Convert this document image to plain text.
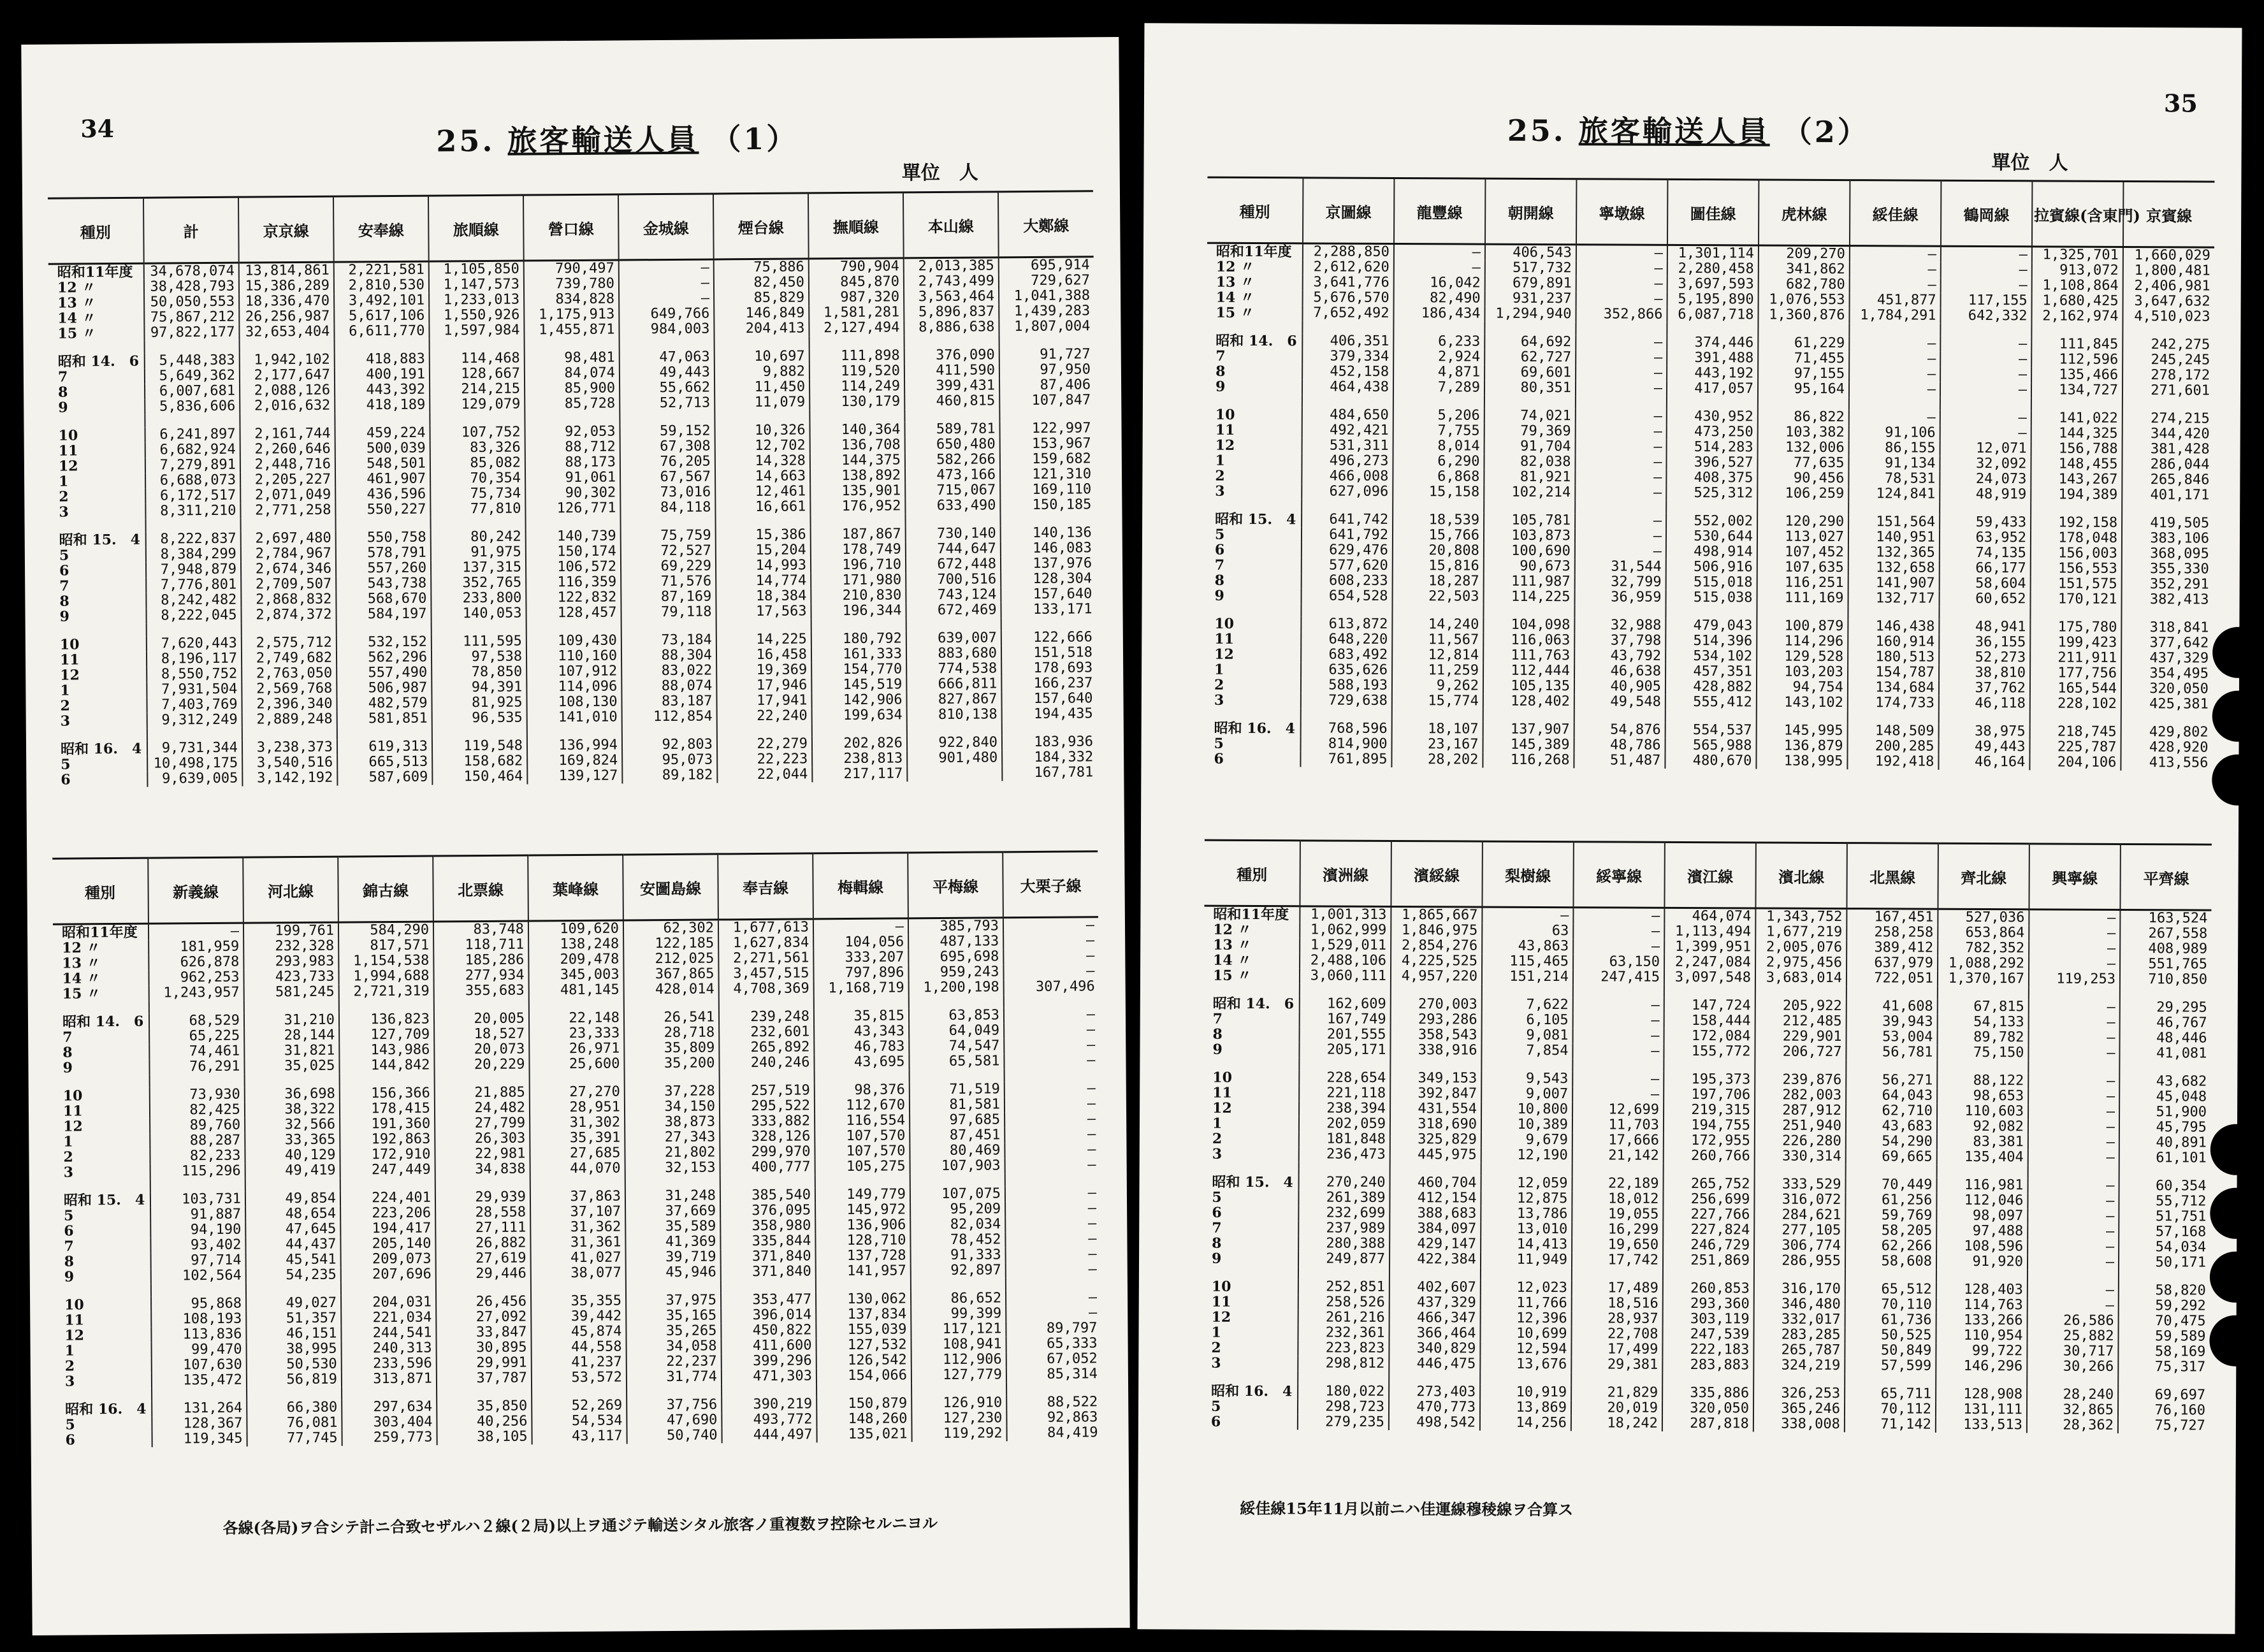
34	25. 旅客輸送人員 （1）
單位　人
種別	計	京京線	安奉線	旅順線	營口線	金城線	煙台線	撫順線	本山線	大鄭線
昭和11年度	34,678,074	13,814,861	2,221,581	1,105,850	790,497	—	75,886	790,904	2,013,385	695,914
12 〃	38,428,793	15,386,289	2,810,530	1,147,573	739,780	—	82,450	845,870	2,743,499	729,627
13 〃	50,050,553	18,336,470	3,492,101	1,233,013	834,828	—	85,829	987,320	3,563,464	1,041,388
14 〃	75,867,212	26,256,987	5,617,106	1,550,926	1,175,913	649,766	146,849	1,581,281	5,896,837	1,439,283
15 〃	97,822,177	32,653,404	6,611,770	1,597,984	1,455,871	984,003	204,413	2,127,494	8,886,638	1,807,004

昭和 14.　6	5,448,383	1,942,102	418,883	114,468	98,481	47,063	10,697	111,898	376,090	91,727
7	5,649,362	2,177,647	400,191	128,667	84,074	49,443	9,882	119,520	411,590	97,950
8	6,007,681	2,088,126	443,392	214,215	85,900	55,662	11,450	114,249	399,431	87,406
9	5,836,606	2,016,632	418,189	129,079	85,728	52,713	11,079	130,179	460,815	107,847

10	6,241,897	2,161,744	459,224	107,752	92,053	59,152	10,326	140,364	589,781	122,997
11	6,682,924	2,260,646	500,039	83,326	88,712	67,308	12,702	136,708	650,480	153,967
12	7,279,891	2,448,716	548,501	85,082	88,173	76,205	14,328	144,375	582,266	159,682
1	6,688,073	2,205,227	461,907	70,354	91,061	67,567	14,663	138,892	473,166	121,310
2	6,172,517	2,071,049	436,596	75,734	90,302	73,016	12,461	135,901	715,067	169,110
3	8,311,210	2,771,258	550,227	77,810	126,771	84,118	16,661	176,952	633,490	150,185

昭和 15.　4	8,222,837	2,697,480	550,758	80,242	140,739	75,759	15,386	187,867	730,140	140,136
5	8,384,299	2,784,967	578,791	91,975	150,174	72,527	15,204	178,749	744,647	146,083
6	7,948,879	2,674,346	557,260	137,315	106,572	69,229	14,993	196,710	672,448	137,976
7	7,776,801	2,709,507	543,738	352,765	116,359	71,576	14,774	171,980	700,516	128,304
8	8,242,482	2,868,832	568,670	233,800	122,832	87,169	18,384	210,830	743,124	157,640
9	8,222,045	2,874,372	584,197	140,053	128,457	79,118	17,563	196,344	672,469	133,171

10	7,620,443	2,575,712	532,152	111,595	109,430	73,184	14,225	180,792	639,007	122,666
11	8,196,117	2,749,682	562,296	97,538	110,160	88,304	16,458	161,333	883,680	151,518
12	8,550,752	2,763,050	557,490	78,850	107,912	83,022	19,369	154,770	774,538	178,693
1	7,931,504	2,569,768	506,987	94,391	114,096	88,074	17,946	145,519	666,811	166,237
2	7,403,769	2,396,340	482,579	81,925	108,130	83,187	17,941	142,906	827,867	157,640
3	9,312,249	2,889,248	581,851	96,535	141,010	112,854	22,240	199,634	810,138	194,435

昭和 16.　4	9,731,344	3,238,373	619,313	119,548	136,994	92,803	22,279	202,826	922,840	183,936
5	10,498,175	3,540,516	665,513	158,682	169,824	95,073	22,223	238,813	901,480	184,332
6	9,639,005	3,142,192	587,609	150,464	139,127	89,182	22,044	217,117		167,781
種別	新義線	河北線	錦古線	北票線	葉峰線	安圖島線	奉吉線	梅輯線	平梅線	大栗子線
昭和11年度	—	199,761	584,290	83,748	109,620	62,302	1,677,613	—	385,793	—
12 〃	181,959	232,328	817,571	118,711	138,248	122,185	1,627,834	104,056	487,133	—
13 〃	626,878	293,983	1,154,538	185,286	209,478	212,025	2,271,561	333,207	695,698	—
14 〃	962,253	423,733	1,994,688	277,934	345,003	367,865	3,457,515	797,896	959,243	—
15 〃	1,243,957	581,245	2,721,319	355,683	481,145	428,014	4,708,369	1,168,719	1,200,198	307,496

昭和 14.　6	68,529	31,210	136,823	20,005	22,148	26,541	239,248	35,815	63,853	—
7	65,225	28,144	127,709	18,527	23,333	28,718	232,601	43,343	64,049	—
8	74,461	31,821	143,986	20,073	26,971	35,809	265,892	46,783	74,547	—
9	76,291	35,025	144,842	20,229	25,600	35,200	240,246	43,695	65,581	—

10	73,930	36,698	156,366	21,885	27,270	37,228	257,519	98,376	71,519	—
11	82,425	38,322	178,415	24,482	28,951	34,150	295,522	112,670	81,581	—
12	89,760	32,566	191,360	27,799	31,302	38,873	333,882	116,554	97,685	—
1	88,287	33,365	192,863	26,303	35,391	27,343	328,126	107,570	87,451	—
2	82,233	40,129	172,910	22,981	27,685	21,802	299,970	107,570	80,469	—
3	115,296	49,419	247,449	34,838	44,070	32,153	400,777	105,275	107,903	—

昭和 15.　4	103,731	49,854	224,401	29,939	37,863	31,248	385,540	149,779	107,075	—
5	91,887	48,654	223,206	28,558	37,107	37,669	376,095	145,972	95,209	—
6	94,190	47,645	194,417	27,111	31,362	35,589	358,980	136,906	82,034	—
7	93,402	44,437	205,140	26,882	31,361	41,369	335,844	128,710	78,452	—
8	97,714	45,541	209,073	27,619	41,027	39,719	371,840	137,728	91,333	—
9	102,564	54,235	207,696	29,446	38,077	45,946	371,840	141,957	92,897	—

10	95,868	49,027	204,031	26,456	35,355	37,975	353,477	130,062	86,652	—
11	108,193	51,357	221,034	27,092	39,442	35,165	396,014	137,834	99,399	—
12	113,836	46,151	244,541	33,847	45,874	35,265	450,822	155,039	117,121	89,797
1	99,470	38,995	240,313	30,895	44,558	34,058	411,600	127,532	108,941	65,333
2	107,630	50,530	233,596	29,991	41,237	22,237	399,296	126,542	112,906	67,052
3	135,472	56,819	313,871	37,787	53,572	31,774	471,303	154,066	127,779	85,314

昭和 16.　4	131,264	66,380	297,634	35,850	52,269	37,756	390,219	150,879	126,910	88,522
5	128,367	76,081	303,404	40,256	54,534	47,690	493,772	148,260	127,230	92,863
6	119,345	77,745	259,773	38,105	43,117	50,740	444,497	135,021	119,292	84,419
各線(各局)ヲ合シテ計ニ合致セザルハ２線(２局)以上ヲ通ジテ輸送シタル旅客ノ重複数ヲ控除セルニヨル
35
25. 旅客輸送人員 （2）
單位　人
種別	京圖線	龍豐線	朝開線	寧墩線	圖佳線	虎林線	綏佳線	鶴岡線	拉賓線(含東門)	京賓線
昭和11年度	2,288,850	—	406,543	—	1,301,114	209,270	—	—	1,325,701	1,660,029
12 〃	2,612,620	—	517,732	—	2,280,458	341,862	—	—	913,072	1,800,481
13 〃	3,641,776	16,042	679,891	—	3,697,593	682,780	—	—	1,108,864	2,406,981
14 〃	5,676,570	82,490	931,237	—	5,195,890	1,076,553	451,877	117,155	1,680,425	3,647,632
15 〃	7,652,492	186,434	1,294,940	352,866	6,087,718	1,360,876	1,784,291	642,332	2,162,974	4,510,023

昭和 14.　6	406,351	6,233	64,692	—	374,446	61,229	—	—	111,845	242,275
7	379,334	2,924	62,727	—	391,488	71,455	—	—	112,596	245,245
8	452,158	4,871	69,601	—	443,192	97,155	—	—	135,466	278,172
9	464,438	7,289	80,351	—	417,057	95,164	—	—	134,727	271,601

10	484,650	5,206	74,021	—	430,952	86,822	—	—	141,022	274,215
11	492,421	7,755	79,369	—	473,250	103,382	91,106	—	144,325	344,420
12	531,311	8,014	91,704	—	514,283	132,006	86,155	12,071	156,788	381,428
1	496,273	6,290	82,038	—	396,527	77,635	91,134	32,092	148,455	286,044
2	466,008	6,868	81,921	—	408,375	90,456	78,531	24,073	143,267	265,846
3	627,096	15,158	102,214	—	525,312	106,259	124,841	48,919	194,389	401,171

昭和 15.　4	641,742	18,539	105,781	—	552,002	120,290	151,564	59,433	192,158	419,505
5	641,792	15,766	103,873	—	530,644	113,027	140,951	63,952	178,048	383,106
6	629,476	20,808	100,690	—	498,914	107,452	132,365	74,135	156,003	368,095
7	577,620	15,816	90,673	31,544	506,916	107,635	132,658	66,177	156,553	355,330
8	608,233	18,287	111,987	32,799	515,018	116,251	141,907	58,604	151,575	352,291
9	654,528	22,503	114,225	36,959	515,038	111,169	132,717	60,652	170,121	382,413

10	613,872	14,240	104,098	32,988	479,043	100,879	146,438	48,941	175,780	318,841
11	648,220	11,567	116,063	37,798	514,396	114,296	160,914	36,155	199,423	377,642
12	683,492	12,814	111,763	43,792	534,102	129,528	180,513	52,273	211,911	437,329
1	635,626	11,259	112,444	46,638	457,351	103,203	154,787	38,810	177,756	354,495
2	588,193	9,262	105,135	40,905	428,882	94,754	134,684	37,762	165,544	320,050
3	729,638	15,774	128,402	49,548	555,412	143,102	174,733	46,118	228,102	425,381

昭和 16.　4	768,596	18,107	137,907	54,876	554,537	145,995	148,509	38,975	218,745	429,802
5	814,900	23,167	145,389	48,786	565,988	136,879	200,285	49,443	225,787	428,920
6	761,895	28,202	116,268	51,487	480,670	138,995	192,418	46,164	204,106	413,556
種別	濱洲線	濱綏線	梨樹線	綏寧線	濱江線	濱北線	北黑線	齊北線	興寧線	平齊線
昭和11年度	1,001,313	1,865,667	—	—	464,074	1,343,752	167,451	527,036	—	163,524
12 〃	1,062,999	1,846,975	63	—	1,113,494	1,677,219	258,258	653,864	—	267,558
13 〃	1,529,011	2,854,276	43,863	—	1,399,951	2,005,076	389,412	782,352	—	408,989
14 〃	2,488,106	4,225,525	115,465	63,150	2,247,084	2,975,456	637,979	1,088,292	—	551,765
15 〃	3,060,111	4,957,220	151,214	247,415	3,097,548	3,683,014	722,051	1,370,167	119,253	710,850

昭和 14.　6	162,609	270,003	7,622	—	147,724	205,922	41,608	67,815	—	29,295
7	167,749	293,286	6,105	—	158,444	212,485	39,943	54,133	—	46,767
8	201,555	358,543	9,081	—	172,084	229,901	53,004	89,782	—	48,446
9	205,171	338,916	7,854	—	155,772	206,727	56,781	75,150	—	41,081

10	228,654	349,153	9,543	—	195,373	239,876	56,271	88,122	—	43,682
11	221,118	392,847	9,007	—	197,706	282,003	64,043	98,653	—	45,048
12	238,394	431,554	10,800	12,699	219,315	287,912	62,710	110,603	—	51,900
1	202,059	318,690	10,389	11,703	194,755	251,940	43,683	92,082	—	45,795
2	181,848	325,829	9,679	17,666	172,955	226,280	54,290	83,381	—	40,891
3	236,473	445,975	12,190	21,142	260,766	330,314	69,665	135,404	—	61,101

昭和 15.　4	270,240	460,704	12,059	22,189	265,752	333,529	70,449	116,981	—	60,354
5	261,389	412,154	12,875	18,012	256,699	316,072	61,256	112,046	—	55,712
6	232,699	388,683	13,786	19,055	227,766	284,621	59,769	98,097	—	51,751
7	237,989	384,097	13,010	16,299	227,824	277,105	58,205	97,488	—	57,168
8	280,388	429,147	14,413	19,650	246,729	306,774	62,266	108,596	—	54,034
9	249,877	422,384	11,949	17,742	251,869	286,955	58,608	91,920	—	50,171

10	252,851	402,607	12,023	17,489	260,853	316,170	65,512	128,403	—	58,820
11	258,526	437,329	11,766	18,516	293,360	346,480	70,110	114,763	—	59,292
12	261,216	466,347	12,396	28,937	303,119	332,017	61,736	133,266	26,586	70,475
1	232,361	366,464	10,699	22,708	247,539	283,285	50,525	110,954	25,882	59,589
2	223,823	340,829	12,594	17,499	222,183	265,787	50,849	99,722	30,717	58,169
3	298,812	446,475	13,676	29,381	283,883	324,219	57,599	146,296	30,266	75,317

昭和 16.　4	180,022	273,403	10,919	21,829	335,886	326,253	65,711	128,908	28,240	69,697
5	298,723	470,773	13,869	20,019	320,050	365,246	70,112	131,111	32,865	76,160
6	279,235	498,542	14,256	18,242	287,818	338,008	71,142	133,513	28,362	75,727
綏佳線15年11月以前ニハ佳運線穆稜線ヲ合算ス
